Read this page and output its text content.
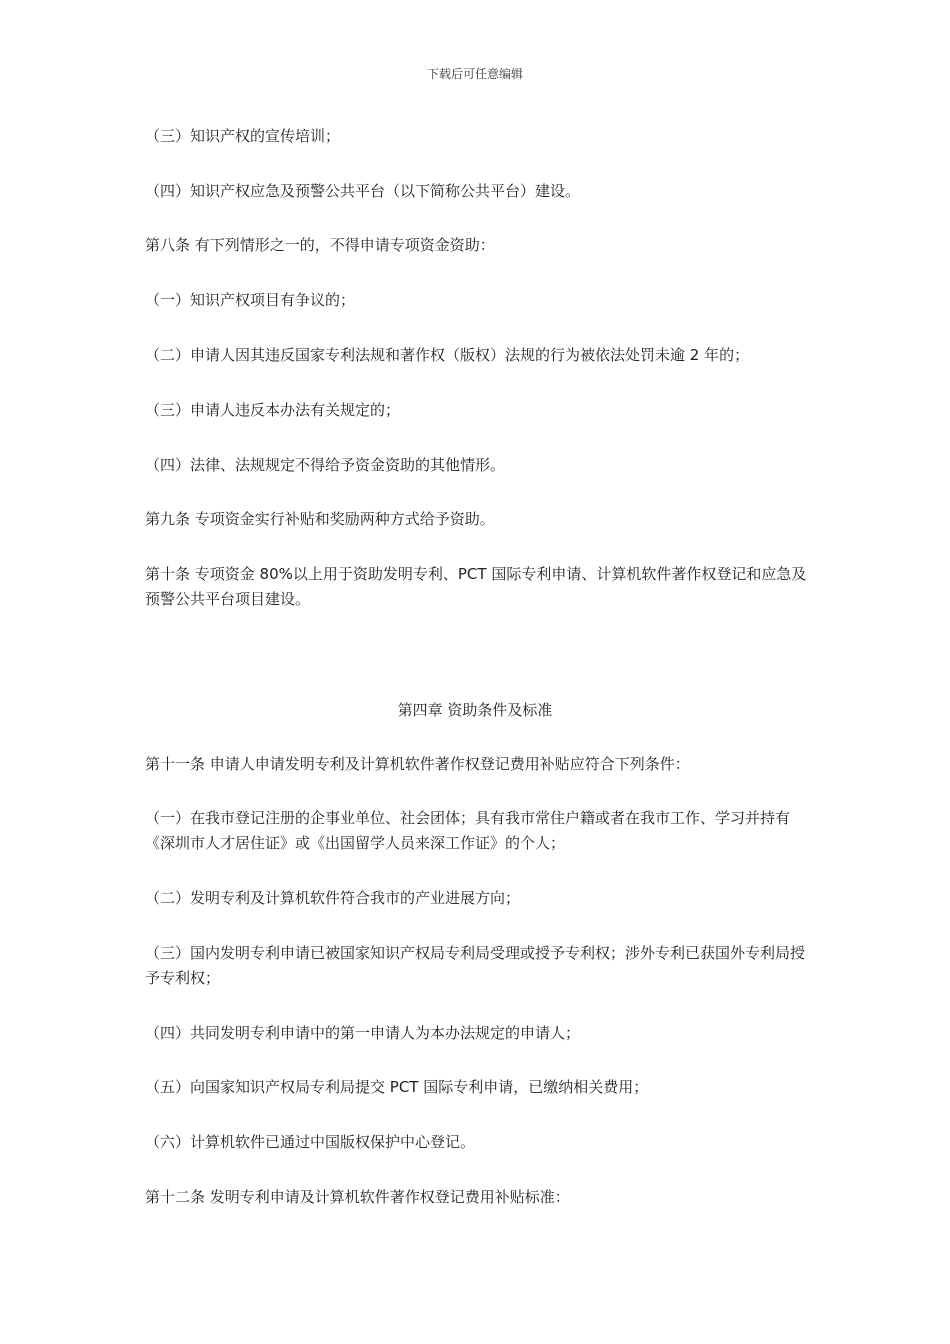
下载后可任意编辑
（三）知识产权的宣传培训；
（四）知识产权应急及预警公共平台（以下简称公共平台）建设。
第八条 有下列情形之一的，不得申请专项资金资助：
（一）知识产权项目有争议的；
（二）申请人因其违反国家专利法规和著作权（版权）法规的行为被依法处罚未逾 2 年的；
（三）申请人违反本办法有关规定的；
（四）法律、法规规定不得给予资金资助的其他情形。
第九条 专项资金实行补贴和奖励两种方式给予资助。
第十条 专项资金 80%以上用于资助发明专利、PCT 国际专利申请、计算机软件著作权登记和应急及预警公共平台项目建设。
第四章 资助条件及标准
第十一条 申请人申请发明专利及计算机软件著作权登记费用补贴应符合下列条件：
（一）在我市登记注册的企事业单位、社会团体；具有我市常住户籍或者在我市工作、学习并持有《深圳市人才居住证》或《出国留学人员来深工作证》的个人；
（二）发明专利及计算机软件符合我市的产业进展方向；
（三）国内发明专利申请已被国家知识产权局专利局受理或授予专利权；涉外专利已获国外专利局授予专利权；
（四）共同发明专利申请中的第一申请人为本办法规定的申请人；
（五）向国家知识产权局专利局提交 PCT 国际专利申请，已缴纳相关费用；
（六）计算机软件已通过中国版权保护中心登记。
第十二条 发明专利申请及计算机软件著作权登记费用补贴标准：
